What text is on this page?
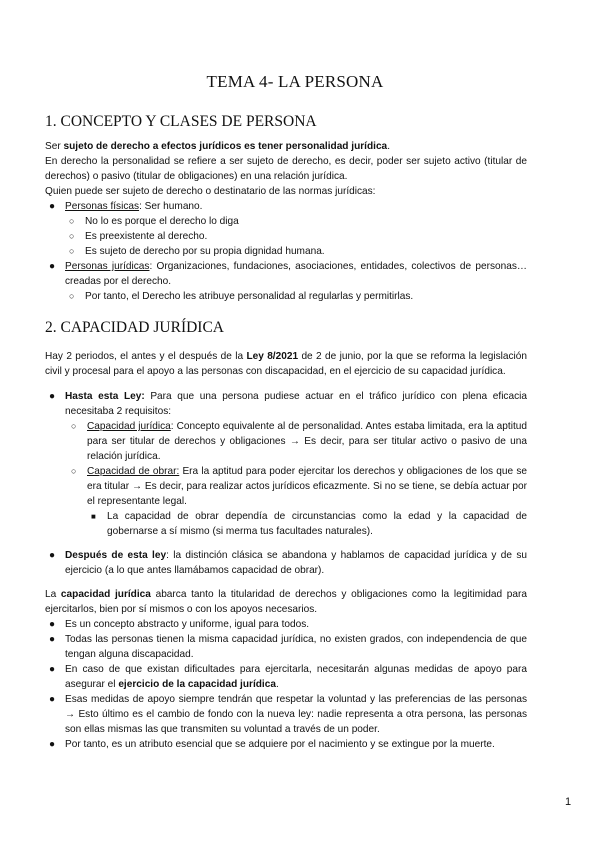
TEMA 4- LA PERSONA
1. CONCEPTO Y CLASES DE PERSONA

Ser sujeto de derecho a efectos jurídicos es tener personalidad jurídica.

En derecho la personalidad se refiere a ser sujeto de derecho, es decir, poder ser sujeto activo (titular de derechos) o pasivo (titular de obligaciones) en una relación jurídica.

Quien puede ser sujeto de derecho o destinatario de las normas jurídicas:

● Personas físicas: Ser humano.
○ No lo es porque el derecho lo diga
○ Es preexistente al derecho.
○ Es sujeto de derecho por su propia dignidad humana.
● Personas jurídicas: Organizaciones, fundaciones, asociaciones, entidades, colectivos de personas… creadas por el derecho.
○ Por tanto, el Derecho les atribuye personalidad al regularlas y permitirlas.
2. CAPACIDAD JURÍDICA

Hay 2 periodos, el antes y el después de la Ley 8/2021 de 2 de junio, por la que se reforma la legislación civil y procesal para el apoyo a las personas con discapacidad, en el ejercicio de su capacidad jurídica.

● Hasta esta Ley: Para que una persona pudiese actuar en el tráfico jurídico con plena eficacia necesitaba 2 requisitos:
○ Capacidad jurídica: Concepto equivalente al de personalidad. Antes estaba limitada, era la aptitud para ser titular de derechos y obligaciones → Es decir, para ser titular activo o pasivo de una relación jurídica.
○ Capacidad de obrar: Era la aptitud para poder ejercitar los derechos y obligaciones de los que se era titular → Es decir, para realizar actos jurídicos eficazmente. Si no se tiene, se debía actuar por el representante legal.
■ La capacidad de obrar dependía de circunstancias como la edad y la capacidad de gobernarse a sí mismo (si merma tus facultades naturales).
● Después de esta ley: la distinción clásica se abandona y hablamos de capacidad jurídica y de su ejercicio (a lo que antes llamábamos capacidad de obrar).

La capacidad jurídica abarca tanto la titularidad de derechos y obligaciones como la legitimidad para ejercitarlos, bien por sí mismos o con los apoyos necesarios.

● Es un concepto abstracto y uniforme, igual para todos.
● Todas las personas tienen la misma capacidad jurídica, no existen grados, con independencia de que tengan alguna discapacidad.
● En caso de que existan dificultades para ejercitarla, necesitarán algunas medidas de apoyo para asegurar el ejercicio de la capacidad jurídica.
● Esas medidas de apoyo siempre tendrán que respetar la voluntad y las preferencias de las personas → Esto último es el cambio de fondo con la nueva ley: nadie representa a otra persona, las personas son ellas mismas las que transmiten su voluntad a través de un poder.
● Por tanto, es un atributo esencial que se adquiere por el nacimiento y se extingue por la muerte.
1
